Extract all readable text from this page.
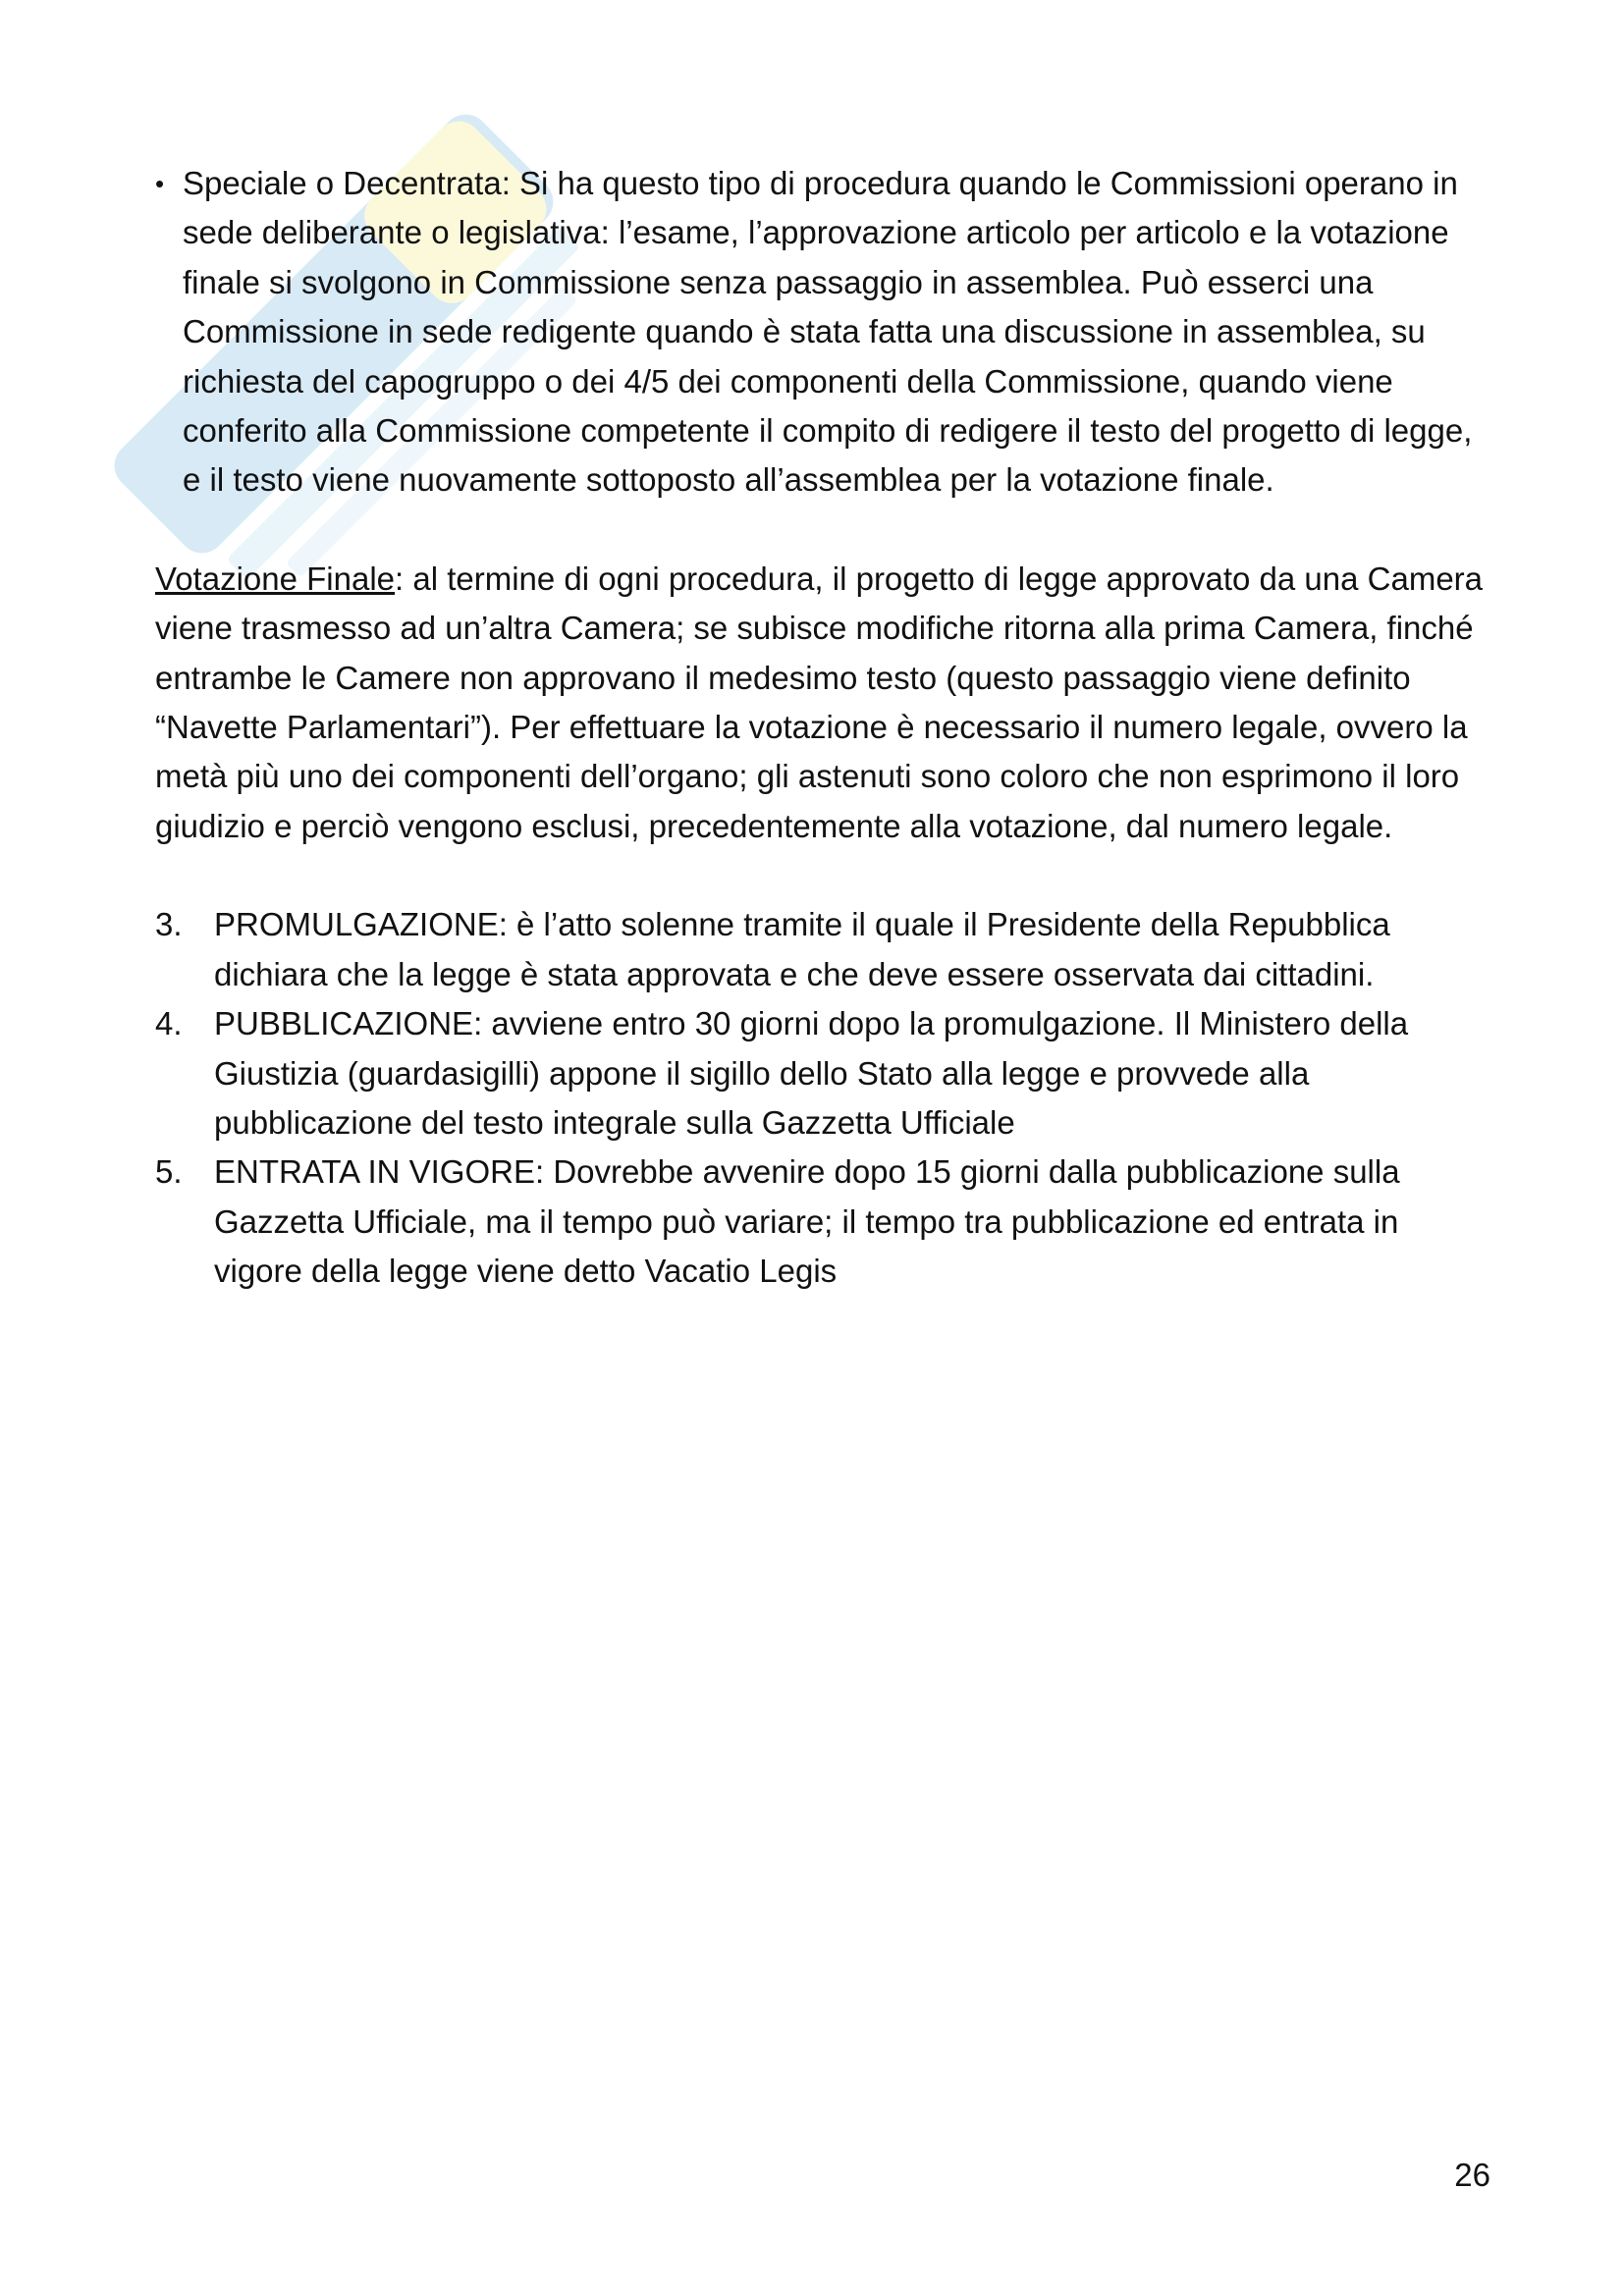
• Speciale o Decentrata: Si ha questo tipo di procedura quando le Commissioni operano in sede deliberante o legislativa: l’esame, l’approvazione articolo per articolo e la votazione finale si svolgono in Commissione senza passaggio in assemblea. Può esserci una Commissione in sede redigente quando è stata fatta una discussione in assemblea, su richiesta del capogruppo o dei 4/5 dei componenti della Commissione, quando viene conferito alla Commissione competente il compito di redigere il testo del progetto di legge, e il testo viene nuovamente sottoposto all’assemblea per la votazione finale.
Votazione Finale: al termine di ogni procedura, il progetto di legge approvato da una Camera viene trasmesso ad un’altra Camera; se subisce modifiche ritorna alla prima Camera, finché entrambe le Camere non approvano il medesimo testo (questo passaggio viene definito “Navette Parlamentari”). Per effettuare la votazione è necessario il numero legale, ovvero la metà più uno dei componenti dell’organo; gli astenuti sono coloro che non esprimono il loro giudizio e perciò vengono esclusi, precedentemente alla votazione, dal numero legale.
3. PROMULGAZIONE: è l’atto solenne tramite il quale il Presidente della Repubblica dichiara che la legge è stata approvata e che deve essere osservata dai cittadini.
4. PUBBLICAZIONE: avviene entro 30 giorni dopo la promulgazione. Il Ministero della Giustizia (guardasigilli) appone il sigillo dello Stato alla legge e provvede alla pubblicazione del testo integrale sulla Gazzetta Ufficiale
5. ENTRATA IN VIGORE: Dovrebbe avvenire dopo 15 giorni dalla pubblicazione sulla Gazzetta Ufficiale, ma il tempo può variare; il tempo tra pubblicazione ed entrata in vigore della legge viene detto Vacatio Legis
26
